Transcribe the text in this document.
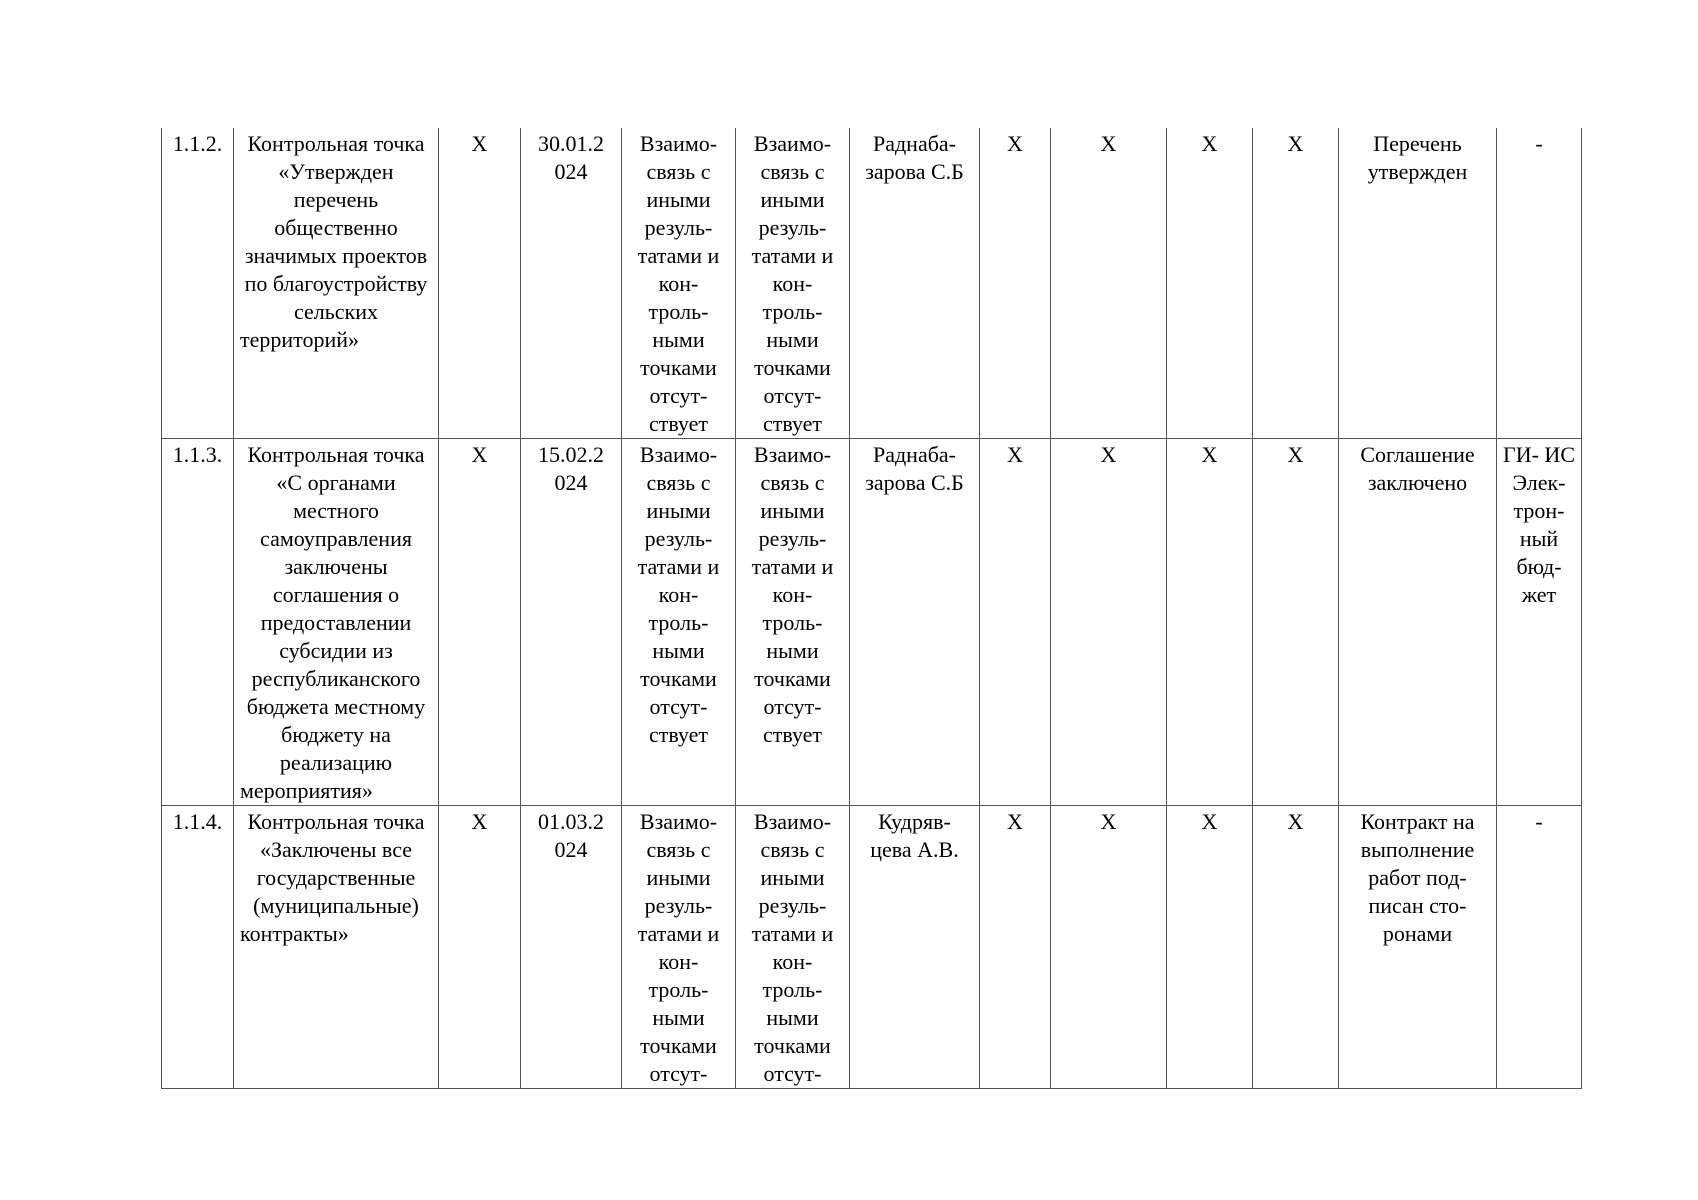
1.1.2.	Контрольная точка «Утвержден перечень общественно значимых проектов по благоустройству сельских территорий»	X	30.01.2 024	Взаимо- связь с иными резуль- татами и кон- троль- ными точками отсут- ствует	Взаимо- связь с иными резуль- татами и кон- троль- ными точками отсут- ствует	Раднаба- зарова С.Б	X	X	X	X	Перечень утвержден	-
1.1.3.	Контрольная точка «С органами местного самоуправления заключены соглашения о предоставлении субсидии из республиканского бюджета местному бюджету на реализацию мероприятия»	X	15.02.2 024	Взаимо- связь с иными резуль- татами и кон- троль- ными точками отсут- ствует	Взаимо- связь с иными резуль- татами и кон- троль- ными точками отсут- ствует	Раднаба- зарова С.Б	X	X	X	X	Соглашение заключено	ГИ- ИС Элек- трон- ный бюд- жет
1.1.4.	Контрольная точка «Заключены все государственные (муниципальные) контракты»	X	01.03.2 024	Взаимо- связь с иными резуль- татами и кон- троль- ными точками отсут-	Взаимо- связь с иными резуль- татами и кон- троль- ными точками отсут-	Кудряв- цева А.В.	X	X	X	X	Контракт на выполнение работ под- писан сто- ронами	-
